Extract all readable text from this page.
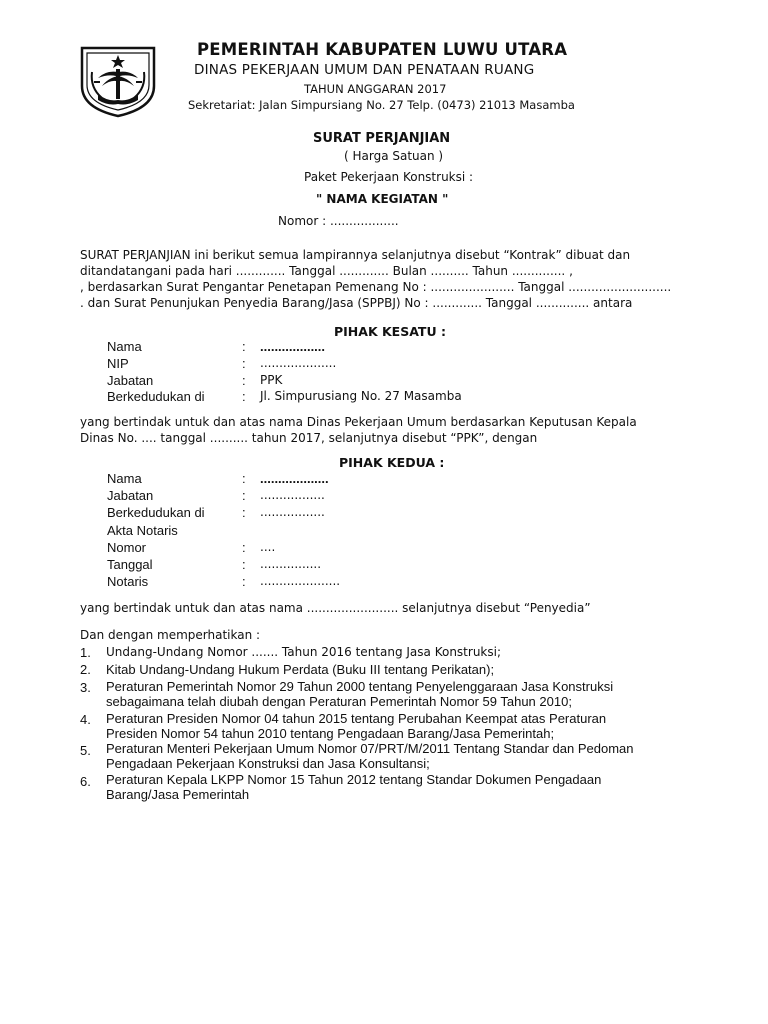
PEMERINTAH KABUPATEN LUWU UTARA
DINAS PEKERJAAN UMUM DAN PENATAAN RUANG
TAHUN ANGGARAN 2017
Sekretariat: Jalan Simpursiang No. 27 Telp. (0473) 21013 Masamba
SURAT PERJANJIAN
( Harga Satuan )
Paket Pekerjaan Konstruksi :
" NAMA KEGIATAN "
Nomor : ..................
SURAT PERJANJIAN ini berikut semua lampirannya selanjutnya disebut “Kontrak” dibuat dan
ditandatangani pada hari ............. Tanggal ............. Bulan .......... Tahun .............. ,
, berdasarkan Surat Pengantar Penetapan Pemenang No : ...................... Tanggal ...........................
. dan Surat Penunjukan Penyedia Barang/Jasa (SPPBJ) No : ............. Tanggal .............. antara
PIHAK KESATU :
Nama	: ..................
NIP	: ....................
Jabatan	: PPK
Berkedudukan di	: Jl. Simpurusiang No. 27 Masamba
yang bertindak untuk dan atas nama Dinas Pekerjaan Umum berdasarkan Keputusan Kepala
Dinas No. .... tanggal .......... tahun 2017, selanjutnya disebut “PPK”, dengan
PIHAK KEDUA :
Nama	: ...................
Jabatan	: .................
Berkedudukan di	: .................
Akta Notaris
Nomor	: ....
Tanggal	: ................
Notaris	: .....................
yang bertindak untuk dan atas nama ........................ selanjutnya disebut “Penyedia”
Dan dengan memperhatikan :
1. Undang-Undang Nomor ....... Tahun 2016 tentang Jasa Konstruksi;
2. Kitab Undang-Undang Hukum Perdata (Buku III tentang Perikatan);
3. Peraturan Pemerintah Nomor 29 Tahun 2000 tentang Penyelenggaraan Jasa Konstruksi
sebagaimana telah diubah dengan Peraturan Pemerintah Nomor 59 Tahun 2010;
4. Peraturan Presiden Nomor 04 tahun 2015 tentang Perubahan Keempat atas Peraturan
Presiden Nomor 54 tahun 2010 tentang Pengadaan Barang/Jasa Pemerintah;
5. Peraturan Menteri Pekerjaan Umum Nomor 07/PRT/M/2011 Tentang Standar dan Pedoman
Pengadaan Pekerjaan Konstruksi dan Jasa Konsultansi;
6. Peraturan Kepala LKPP Nomor 15 Tahun 2012 tentang Standar Dokumen Pengadaan
Barang/Jasa Pemerintah
